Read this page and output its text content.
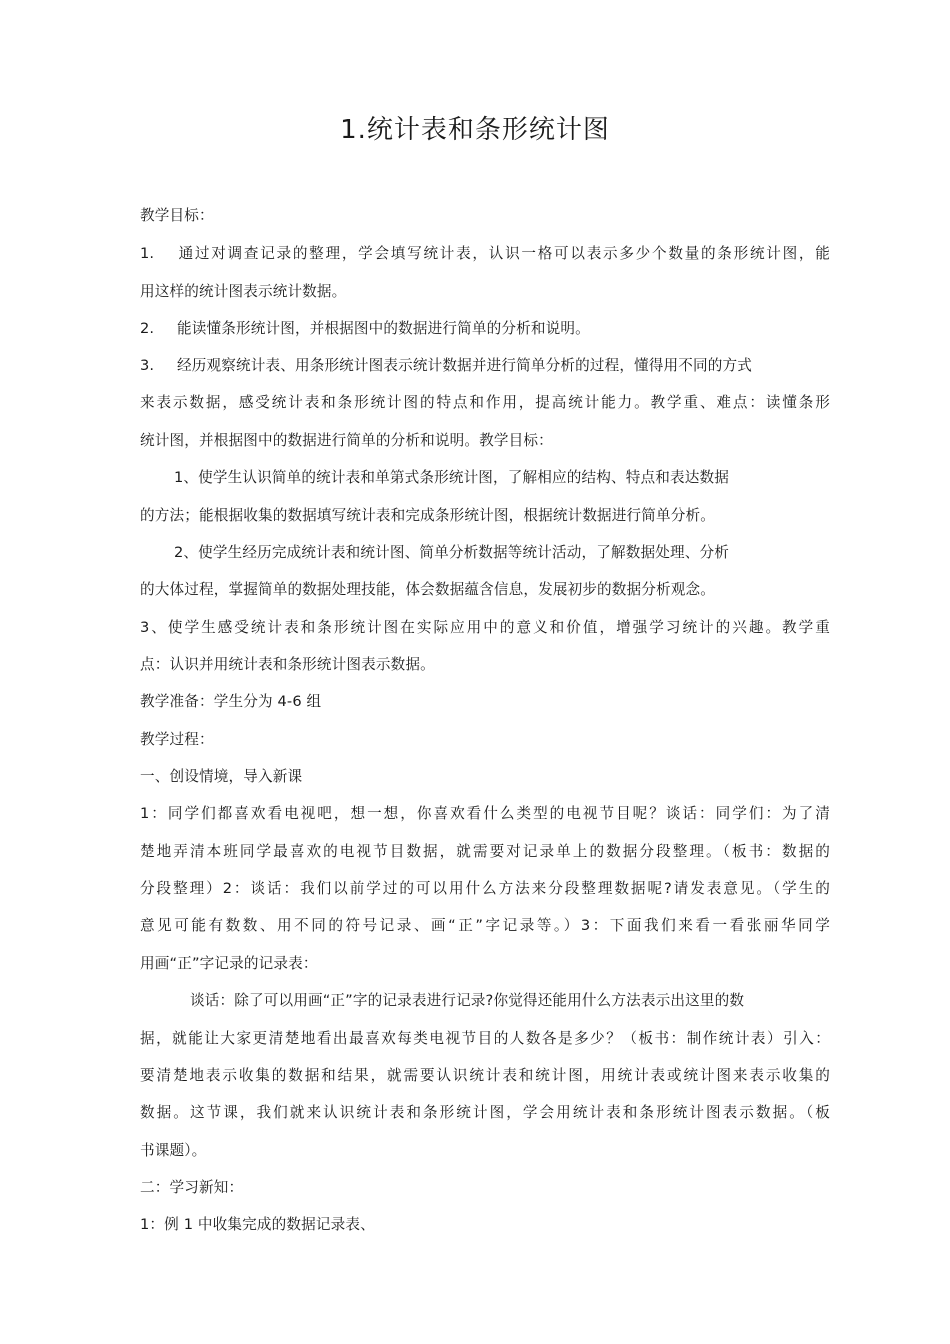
1.统计表和条形统计图
教学目标：
1. 通过对调查记录的整理，学会填写统计表，认识一格可以表示多少个数量的条形统计图，能
用这样的统计图表示统计数据。
2. 能读懂条形统计图，并根据图中的数据进行简单的分析和说明。
3. 经历观察统计表、用条形统计图表示统计数据并进行简单分析的过程，懂得用不同的方式
来表示数据，感受统计表和条形统计图的特点和作用，提高统计能力。教学重、难点：读懂条形
统计图，并根据图中的数据进行简单的分析和说明。教学目标：
1、使学生认识简单的统计表和单第式条形统计图，了解相应的结构、特点和表达数据
的方法；能根据收集的数据填写统计表和完成条形统计图，根据统计数据进行简单分析。
2、使学生经历完成统计表和统计图、简单分析数据等统计活动，了解数据处理、分析
的大体过程，掌握简单的数据处理技能，体会数据蕴含信息，发展初步的数据分析观念。
3、使学生感受统计表和条形统计图在实际应用中的意义和价值，增强学习统计的兴趣。教学重
点：认识并用统计表和条形统计图表示数据。
教学准备：学生分为 4-6 组
教学过程：
一、创设情境，导入新课
1：同学们都喜欢看电视吧，想一想，你喜欢看什么类型的电视节目呢？谈话：同学们：为了清
楚地弄清本班同学最喜欢的电视节目数据，就需要对记录单上的数据分段整理。（板书：数据的
分段整理）2：谈话：我们以前学过的可以用什么方法来分段整理数据呢?请发表意见。（学生的
意见可能有数数、用不同的符号记录、画“正”字记录等。）3：下面我们来看一看张丽华同学
用画“正”字记录的记录表：
谈话：除了可以用画“正”字的记录表进行记录?你觉得还能用什么方法表示出这里的数
据，就能让大家更清楚地看出最喜欢每类电视节目的人数各是多少？（板书：制作统计表）引入：
要清楚地表示收集的数据和结果，就需要认识统计表和统计图，用统计表或统计图来表示收集的
数据。这节课，我们就来认识统计表和条形统计图，学会用统计表和条形统计图表示数据。（板
书课题）。
二：学习新知：
1：例 1 中收集完成的数据记录表、
